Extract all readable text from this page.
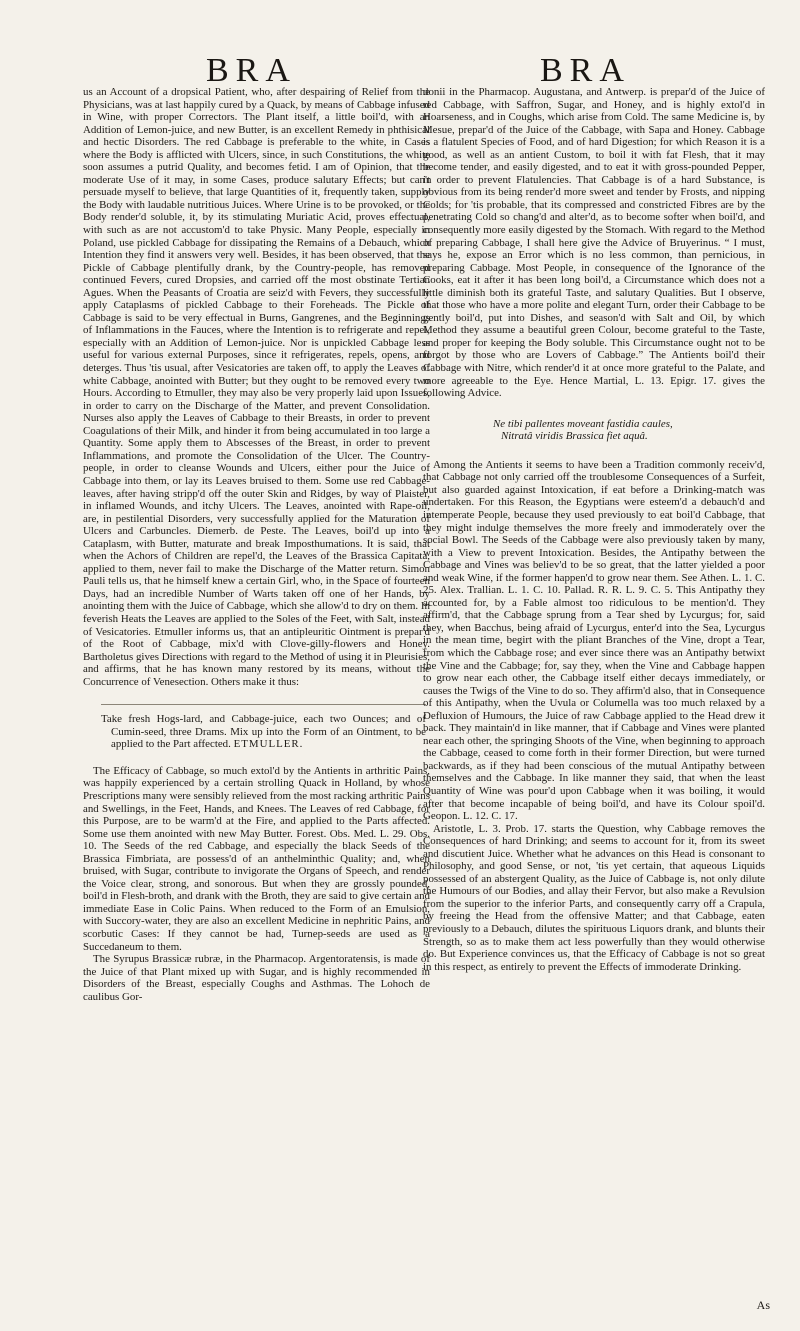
BRA	BRA

us an Account of a dropsical Patient, who, after despairing of Relief from the Physicians, was at last happily cured by a Quack, by means of Cabbage infused in Wine, with proper Correctors. The Plant itself, a little boil'd, with an Addition of Lemon-juice, and new Butter, is an excellent Remedy in phthisical and hectic Disorders. The red Cabbage is preferable to the white, in Cases where the Body is afflicted with Ulcers, since, in such Constitutions, the white soon assumes a putrid Quality, and becomes fetid. I am of Opinion, that the moderate Use of it may, in some Cases, produce salutary Effects; but can't persuade myself to believe, that large Quantities of it, frequently taken, supply the Body with laudable nutritious Juices. Where Urine is to be provoked, or the Body render'd soluble, it, by its stimulating Muriatic Acid, proves effectual, with such as are not accustom'd to take Physic. Many People, especially in Poland, use pickled Cabbage for dissipating the Remains of a Debauch, which Intention they find it answers very well. Besides, it has been observed, that the Pickle of Cabbage plentifully drank, by the Country-people, has removed continued Fevers, cured Dropsies, and carried off the most obstinate Tertian Agues. When the Peasants of Croatia are seiz'd with Fevers, they successfully apply Cataplasms of pickled Cabbage to their Foreheads. The Pickle of Cabbage is said to be very effectual in Burns, Gangrenes, and the Beginnings of Inflammations in the Fauces, where the Intention is to refrigerate and repel, especially with an Addition of Lemon-juice. Nor is unpickled Cabbage less useful for various external Purposes, since it refrigerates, repels, opens, and deterges. Thus 'tis usual, after Vesicatories are taken off, to apply the Leaves of white Cabbage, anointed with Butter; but they ought to be removed every two Hours. According to Etmuller, they may also be very properly laid upon Issues, in order to carry on the Discharge of the Matter, and prevent Consolidation. Nurses also apply the Leaves of Cabbage to their Breasts, in order to prevent Coagulations of their Milk, and hinder it from being accumulated in too large a Quantity. Some apply them to Abscesses of the Breast, in order to prevent Inflammations, and promote the Consolidation of the Ulcer. The Country-people, in order to cleanse Wounds and Ulcers, either pour the Juice of Cabbage into them, or lay its Leaves bruised to them. Some use red Cabbage-leaves, after having stripp'd off the outer Skin and Ridges, by way of Plaister, in inflamed Wounds, and itchy Ulcers. The Leaves, anointed with Rape-oil, are, in pestilential Disorders, very successfully applied for the Maturation of Ulcers and Carbuncles. Diemerb. de Peste. The Leaves, boil'd up into a Cataplasm, with Butter, maturate and break Imposthumations. It is said, that when the Achors of Children are repel'd, the Leaves of the Brassica Capitata, applied to them, never fail to make the Discharge of the Matter return. Simon Pauli tells us, that he himself knew a certain Girl, who, in the Space of fourteen Days, had an incredible Number of Warts taken off one of her Hands, by anointing them with the Juice of Cabbage, which she allow'd to dry on them. In feverish Heats the Leaves are applied to the Soles of the Feet, with Salt, instead of Vesicatories. Etmuller informs us, that an antipleuritic Ointment is prepar'd of the Root of Cabbage, mix'd with Clove-gilly-flowers and Honey. Bartholetus gives Directions with regard to the Method of using it in Pleurisies, and affirms, that he has known many restored by its means, without the Concurrence of Venesection. Others make it thus:

Take fresh Hogs-lard, and Cabbage-juice, each two Ounces; and of Cumin-seed, three Drams. Mix up into the Form of an Ointment, to be applied to the Part affected. ETMULLER.

The Efficacy of Cabbage, so much extol'd by the Antients in arthritic Pains, was happily experienced by a certain strolling Quack in Holland, by whose Prescriptions many were sensibly relieved from the most racking arthritic Pains and Swellings, in the Feet, Hands, and Knees. The Leaves of red Cabbage, for this Purpose, are to be warm'd at the Fire, and applied to the Parts affected. Some use them anointed with new May Butter. Forest. Obs. Med. L. 29. Obs. 10. The Seeds of the red Cabbage, and especially the black Seeds of the Brassica Fimbriata, are possess'd of an anthelminthic Quality; and, when bruised, with Sugar, contribute to invigorate the Organs of Speech, and render the Voice clear, strong, and sonorous. But when they are grossly pounded, boil'd in Flesh-broth, and drank with the Broth, they are said to give certain and immediate Ease in Colic Pains. When reduced to the Form of an Emulsion, with Succory-water, they are also an excellent Medicine in nephritic Pains, and scorbutic Cases: If they cannot be had, Turnep-seeds are used as a Succedaneum to them.

The Syrupus Brassicæ rubræ, in the Pharmacop. Argentoratensis, is made of the Juice of that Plant mixed up with Sugar, and is highly recommended in Disorders of the Breast, especially Coughs and Asthmas. The Lohoch de caulibus Gor-

donii in the Pharmacop. Augustana, and Antwerp. is prepar'd of the Juice of red Cabbage, with Saffron, Sugar, and Honey, and is highly extol'd in Hoarseness, and in Coughs, which arise from Cold. The same Medicine is, by Mesue, prepar'd of the Juice of the Cabbage, with Sapa and Honey. Cabbage is a flatulent Species of Food, and of hard Digestion; for which Reason it is a good, as well as an antient Custom, to boil it with fat Flesh, that it may become tender, and easily digested, and to eat it with gross-pounded Pepper, in order to prevent Flatulencies. That Cabbage is of a hard Substance, is obvious from its being render'd more sweet and tender by Frosts, and nipping Colds; for 'tis probable, that its compressed and constricted Fibres are by the penetrating Cold so chang'd and alter'd, as to become softer when boil'd, and consequently more easily digested by the Stomach. With regard to the Method of preparing Cabbage, I shall here give the Advice of Bruyerinus. “ I must, says he, expose an Error which is no less common, than pernicious, in preparing Cabbage. Most People, in consequence of the Ignorance of the Cooks, eat it after it has been long boil'd, a Circumstance which does not a little diminish both its grateful Taste, and salutary Qualities. But I observe, that those who have a more polite and elegant Turn, order their Cabbage to be gently boil'd, put into Dishes, and season'd with Salt and Oil, by which Method they assume a beautiful green Colour, become grateful to the Taste, and proper for keeping the Body soluble. This Circumstance ought not to be forgot by those who are Lovers of Cabbage.” The Antients boil'd their Cabbage with Nitre, which render'd it at once more grateful to the Palate, and more agreeable to the Eye. Hence Martial, L. 13. Epigr. 17. gives the following Advice.

Ne tibi pallentes moveant fastidia caules,
Nitratâ viridis Brassica fiet aquâ.

Among the Antients it seems to have been a Tradition commonly receiv'd, that Cabbage not only carried off the troublesome Consequences of a Surfeit, but also guarded against Intoxication, if eat before a Drinking-match was undertaken. For this Reason, the Egyptians were esteem'd a debauch'd and intemperate People, because they used previously to eat boil'd Cabbage, that they might indulge themselves the more freely and immoderately over the social Bowl. The Seeds of the Cabbage were also previously taken by many, with a View to prevent Intoxication. Besides, the Antipathy between the Cabbage and Vines was believ'd to be so great, that the latter yielded a poor and weak Wine, if the former happen'd to grow near them. See Athen. L. 1. C. 25. Alex. Trallian. L. 1. C. 10. Pallad. R. R. L. 9. C. 5. This Antipathy they accounted for, by a Fable almost too ridiculous to be mention'd. They affirm'd, that the Cabbage sprung from a Tear shed by Lycurgus; for, said they, when Bacchus, being afraid of Lycurgus, enter'd into the Sea, Lycurgus in the mean time, begirt with the pliant Branches of the Vine, dropt a Tear, from which the Cabbage rose; and ever since there was an Antipathy betwixt the Vine and the Cabbage; for, say they, when the Vine and Cabbage happen to grow near each other, the Cabbage itself either decays immediately, or causes the Twigs of the Vine to do so. They affirm'd also, that in Consequence of this Antipathy, when the Uvula or Columella was too much relaxed by a Defluxion of Humours, the Juice of raw Cabbage applied to the Head drew it back. They maintain'd in like manner, that if Cabbage and Vines were planted near each other, the springing Shoots of the Vine, when beginning to approach the Cabbage, ceased to come forth in their former Direction, but were turned backwards, as if they had been conscious of the mutual Antipathy between themselves and the Cabbage. In like manner they said, that when the least Quantity of Wine was pour'd upon Cabbage when it was boiling, it would after that become incapable of being boil'd, and have its Colour spoil'd. Geopon. L. 12. C. 17.

Aristotle, L. 3. Prob. 17. starts the Question, why Cabbage removes the Consequences of hard Drinking; and seems to account for it, from its sweet and discutient Juice. Whether what he advances on this Head is consonant to Philosophy, and good Sense, or not, 'tis yet certain, that aqueous Liquids possessed of an abstergent Quality, as the Juice of Cabbage is, not only dilute the Humours of our Bodies, and allay their Fervor, but also make a Revulsion from the superior to the inferior Parts, and consequently carry off a Crapula, by freeing the Head from the offensive Matter; and that Cabbage, eaten previously to a Debauch, dilutes the spirituous Liquors drank, and blunts their Strength, so as to make them act less powerfully than they would otherwise do. But Experience convinces us, that the Efficacy of Cabbage is not so great in this respect, as entirely to prevent the Effects of immoderate Drinking.

As
